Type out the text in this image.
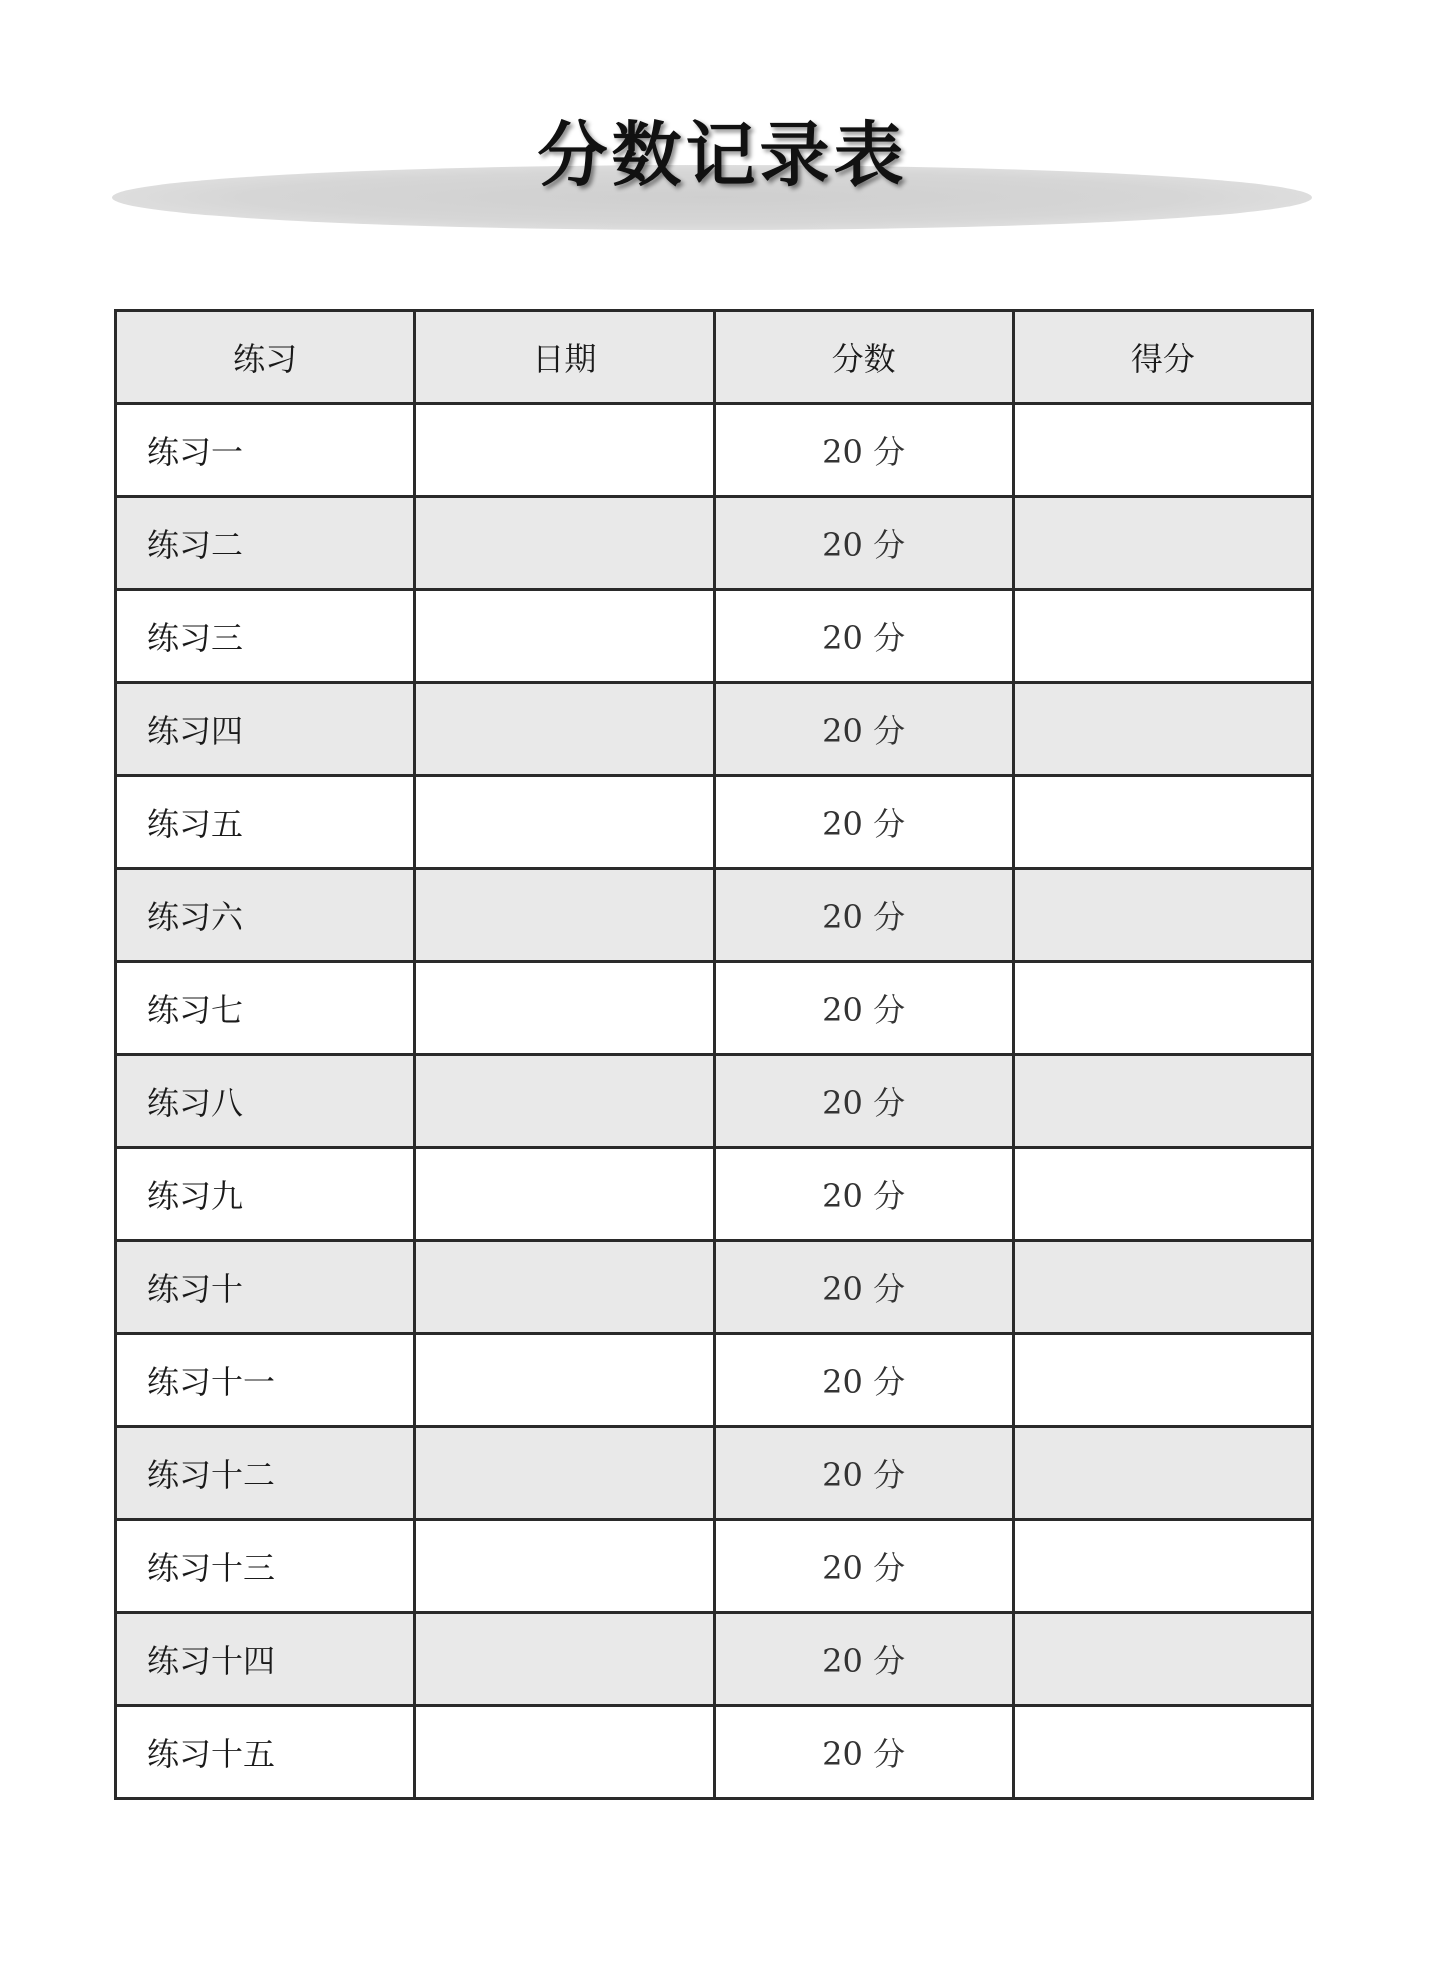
分数记录表
练习	日期	分数	得分
练习一		20 分	
练习二		20 分	
练习三		20 分	
练习四		20 分	
练习五		20 分	
练习六		20 分	
练习七		20 分	
练习八		20 分	
练习九		20 分	
练习十		20 分	
练习十一		20 分	
练习十二		20 分	
练习十三		20 分	
练习十四		20 分	
练习十五		20 分	
